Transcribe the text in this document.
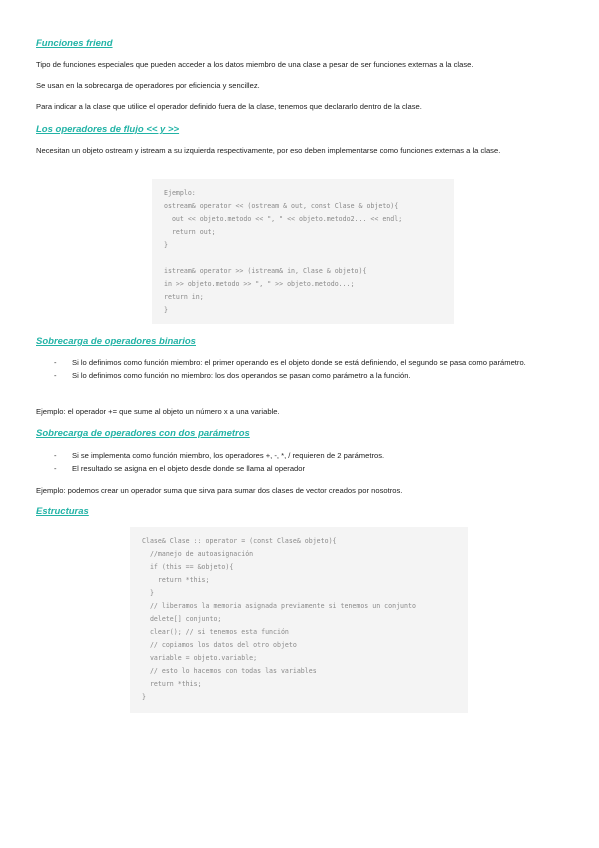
Funciones friend

Tipo de funciones especiales que pueden acceder a los datos miembro de una clase a pesar de ser funciones externas a la clase.

Se usan en la sobrecarga de operadores por eficiencia y sencillez.

Para indicar a la clase que utilice el operador definido fuera de la clase, tenemos que declararlo dentro de la clase.

Los operadores de flujo << y >>

Necesitan un objeto ostream y istream a su izquierda respectivamente, por eso deben implementarse como funciones externas a la clase.

Ejemplo:
ostream& operator << (ostream & out, const Clase & objeto){
out << objeto.metodo << ", " << objeto.metodo2... << endl;
return out;
}
istream& operator >> (istream& in, Clase & objeto){
in >> objeto.metodo >> ", " >> objeto.metodo...;
return in;
}
Sobrecarga de operadores binarios
- Si lo definimos como función miembro: el primer operando es el objeto donde se está definiendo, el segundo se pasa como parámetro.
- Si lo definimos como función no miembro: los dos operandos se pasan como parámetro a la función.

Ejemplo: el operador += que sume al objeto un número x a una variable.

Sobrecarga de operadores con dos parámetros
- Si se implementa como función miembro, los operadores +, -, *, / requieren de 2 parámetros.
- El resultado se asigna en el objeto desde donde se llama al operador

Ejemplo: podemos crear un operador suma que sirva para sumar dos clases de vector creados por nosotros.

Estructuras
Clase& Clase :: operator = (const Clase& objeto){
//manejo de autoasignación
if (this == &objeto){
return *this;
}
// liberamos la memoria asignada previamente si tenemos un conjunto
delete[] conjunto;
clear(); // si tenemos esta función
// copiamos los datos del otro objeto
variable = objeto.variable;
// esto lo hacemos con todas las variables
return *this;
}
